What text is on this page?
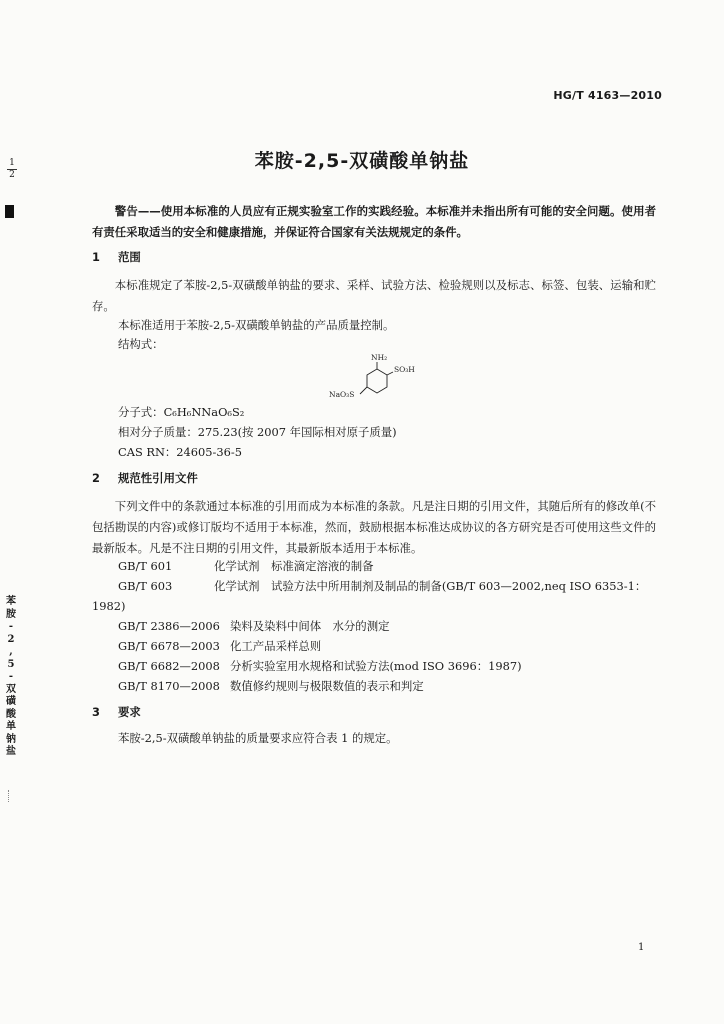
HG/T 4163—2010
1
2
苯胺-2,5-双磺酸单钠盐
警告——使用本标准的人员应有正规实验室工作的实践经验。本标准并未指出所有可能的安全问题。使用者有责任采取适当的安全和健康措施，并保证符合国家有关法规规定的条件。
1 范围
本标准规定了苯胺-2,5-双磺酸单钠盐的要求、采样、试验方法、检验规则以及标志、标签、包装、运输和贮存。
本标准适用于苯胺-2,5-双磺酸单钠盐的产品质量控制。
结构式：
NH₂
SO₃H
NaO₃S
分子式：C₆H₆NNaO₆S₂
相对分子质量：275.23(按 2007 年国际相对原子质量)
CAS RN：24605-36-5
2 规范性引用文件
下列文件中的条款通过本标准的引用而成为本标准的条款。凡是注日期的引用文件，其随后所有的修改单(不包括勘误的内容)或修订版均不适用于本标准，然而，鼓励根据本标准达成协议的各方研究是否可使用这些文件的最新版本。凡是不注日期的引用文件，其最新版本适用于本标准。
GB/T 601	化学试剂　标准滴定溶液的制备
GB/T 603	化学试剂　试验方法中所用制剂及制品的制备(GB/T 603—2002,neq ISO 6353-1：
1982)
GB/T 2386—2006 染料及染料中间体　水分的测定
GB/T 6678—2003 化工产品采样总则
GB/T 6682—2008 分析实验室用水规格和试验方法(mod ISO 3696：1987)
GB/T 8170—2008 数值修约规则与极限数值的表示和判定
3 要求
苯胺-2,5-双磺酸单钠盐的质量要求应符合表 1 的规定。
苯
胺
-
2
,
5
-
双
磺
酸
单
钠
盐
1
